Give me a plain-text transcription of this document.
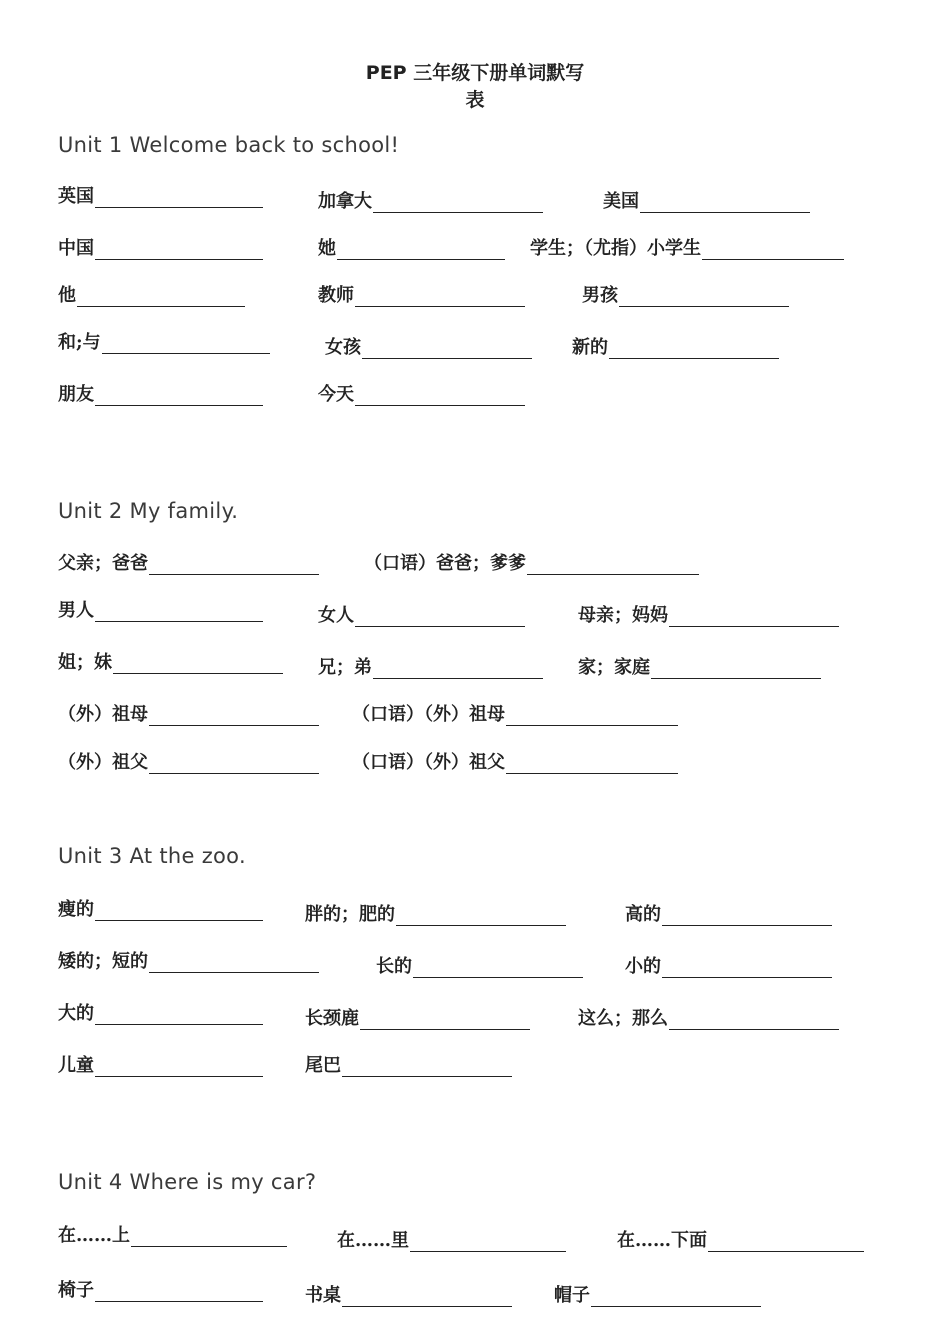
PEP 三年级下册单词默写
表
Unit 1 Welcome back to school!
英国	加拿大	美国
中国	她	学生；（尤指）小学生
他	教师	男孩
和;与	女孩	新的
朋友	今天
Unit 2 My family.
父亲；爸爸	（口语）爸爸；爹爹
男人	女人	母亲；妈妈
姐；妹	兄；弟	家；家庭
（外）祖母	（口语）（外）祖母
（外）祖父	（口语）（外）祖父
Unit 3 At the zoo.
瘦的	胖的；肥的	高的
矮的；短的	长的	小的
大的	长颈鹿	这么；那么
儿童	尾巴
Unit 4 Where is my car?
在……上	在……里	在……下面
椅子	书桌	帽子
